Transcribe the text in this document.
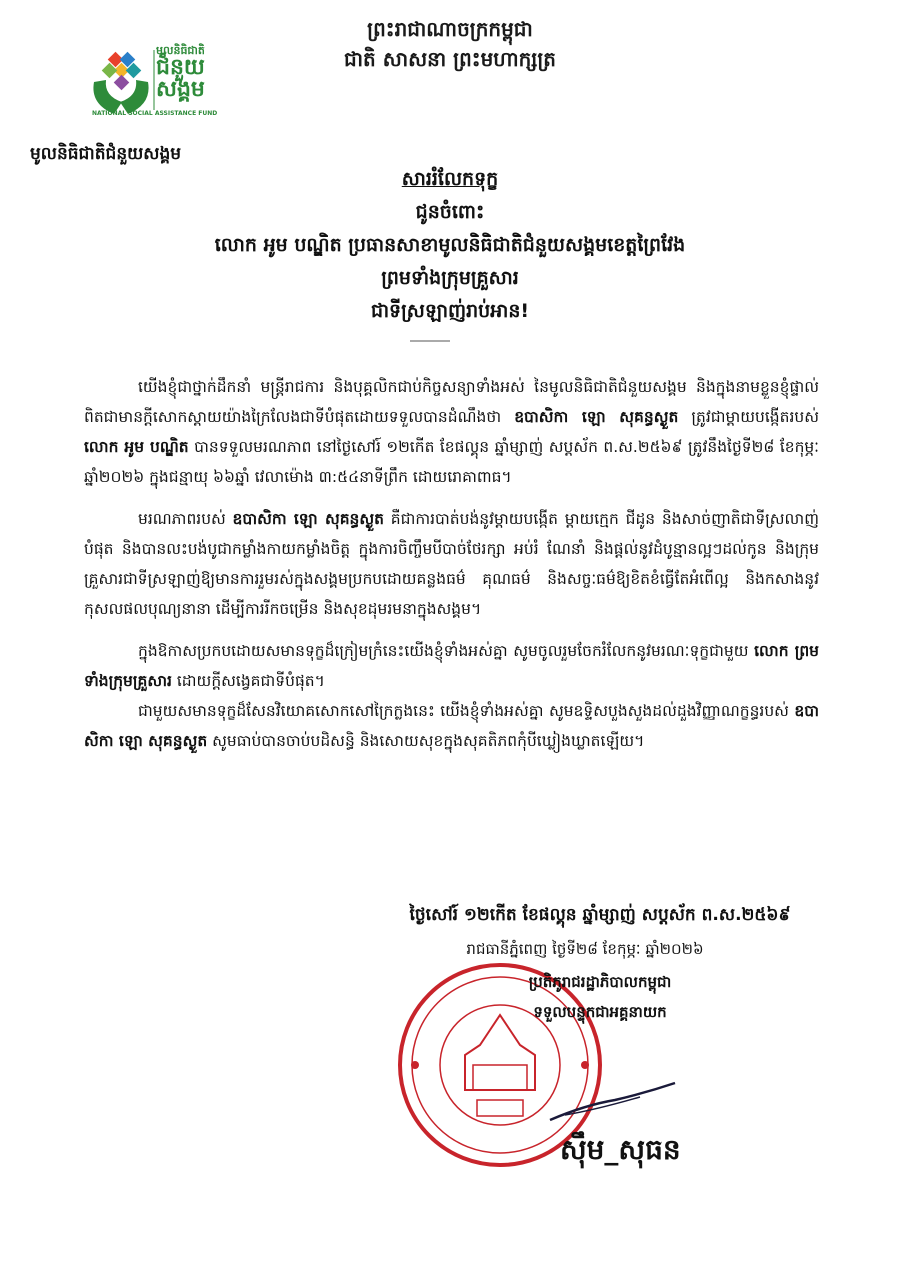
មូលនិធិជាតិ
ជំនួយ
សង្គម
NATIONAL SOCIAL ASSISTANCE FUND
មូលនិធិជាតិជំនួយសង្គម
ព្រះរាជាណាចក្រកម្ពុជា
ជាតិ សាសនា ព្រះមហាក្សត្រ
សាររំលែកទុក្ខ
ជូនចំពោះ
លោក អូម បណ្ឌិត ប្រធានសាខាមូលនិធិជាតិជំនួយសង្គមខេត្តព្រៃវែង
ព្រមទាំងក្រុមគ្រួសារ
ជាទីស្រឡាញ់រាប់អាន!

យើងខ្ញុំជាថ្នាក់ដឹកនាំ មន្ត្រីរាជការ និងបុគ្គលិកជាប់កិច្ចសន្យាទាំងអស់ នៃមូលនិធិជាតិជំនួយសង្គម និងក្នុងនាមខ្លួនខ្ញុំផ្ទាល់ ពិតជាមានក្តីសោកស្តាយយ៉ាងក្រៃលែងជាទីបំផុតដោយទទួលបានដំណឹងថា ឧបាសិកា ឡោ សុគន្ធស្ងួត ត្រូវជាម្តាយបង្កើតរបស់ លោក អូម បណ្ឌិត បានទទួលមរណភាព នៅថ្ងៃសៅរ៍ ១២កើត ខែផល្គុន ឆ្នាំម្សាញ់ សប្តស័ក ព.ស.២៥៦៩ ត្រូវនឹងថ្ងៃទី២៨ ខែកុម្ភៈ ឆ្នាំ២០២៦ ក្នុងជន្មាយុ ៦៦ឆ្នាំ វេលាម៉ោង ៣:៥៤នាទីព្រឹក ដោយរោគាពាធ។

មរណភាពរបស់ ឧបាសិកា ឡោ សុគន្ធស្ងួត គឺជាការបាត់បង់នូវម្តាយបង្កើត ម្តាយក្មេក ជីដូន និងសាច់ញាតិជាទីស្រលាញ់បំផុត និងបានលះបង់បូជាកម្លាំងកាយកម្លាំងចិត្ត ក្នុងការចិញ្ចឹមបីបាច់ថែរក្សា អប់រំ ណែនាំ និងផ្តល់នូវដំបូន្មានល្អៗដល់កូន និងក្រុមគ្រួសារជាទីស្រឡាញ់ឱ្យមានការរួមរស់ក្នុងសង្គមប្រកបដោយគន្លងធម៌ គុណធម៌ និងសច្ចៈធម៌ឱ្យខិតខំធ្វើតែអំពើល្អ និងកសាងនូវកុសលផលបុណ្យនានា ដើម្បីការរីកចម្រើន និងសុខដុមរមនាក្នុងសង្គម។

ក្នុងឱកាសប្រកបដោយសមានទុក្ខដ៏ក្រៀមក្រំនេះយើងខ្ញុំទាំងអស់គ្នា សូមចូលរួមចែករំលែកនូវមរណៈទុក្ខជាមួយ លោក ព្រមទាំងក្រុមគ្រួសារ ដោយក្តីសង្វេគជាទីបំផុត។

ជាមួយសមានទុក្ខដ៏សែនវិយោគសោកសៅក្រៃក្លងនេះ យើងខ្ញុំទាំងអស់គ្នា សូមឧទ្ទិសបួងសួងដល់ដួងវិញ្ញាណក្ខន្ធរបស់ ឧបាសិកា ឡោ សុគន្ធស្ងួត សូមធាប់បានចាប់បដិសន្ធិ និងសោយសុខក្នុងសុគតិភពកុំបីឃ្លៀងឃ្លាតឡើយ។

ថ្ងៃសៅរ៍ ១២កើត ខែផល្គុន ឆ្នាំម្សាញ់ សប្តស័ក ព.ស.២៥៦៩
រាជធានីភ្នំពេញ ថ្ងៃទី២៨ ខែកុម្ភៈ ឆ្នាំ២០២៦
ប្រតិភូរាជរដ្ឋាភិបាលកម្ពុជា
ទទួលបន្ទុកជាអគ្គនាយក
ស៊ឹម_សុធន
